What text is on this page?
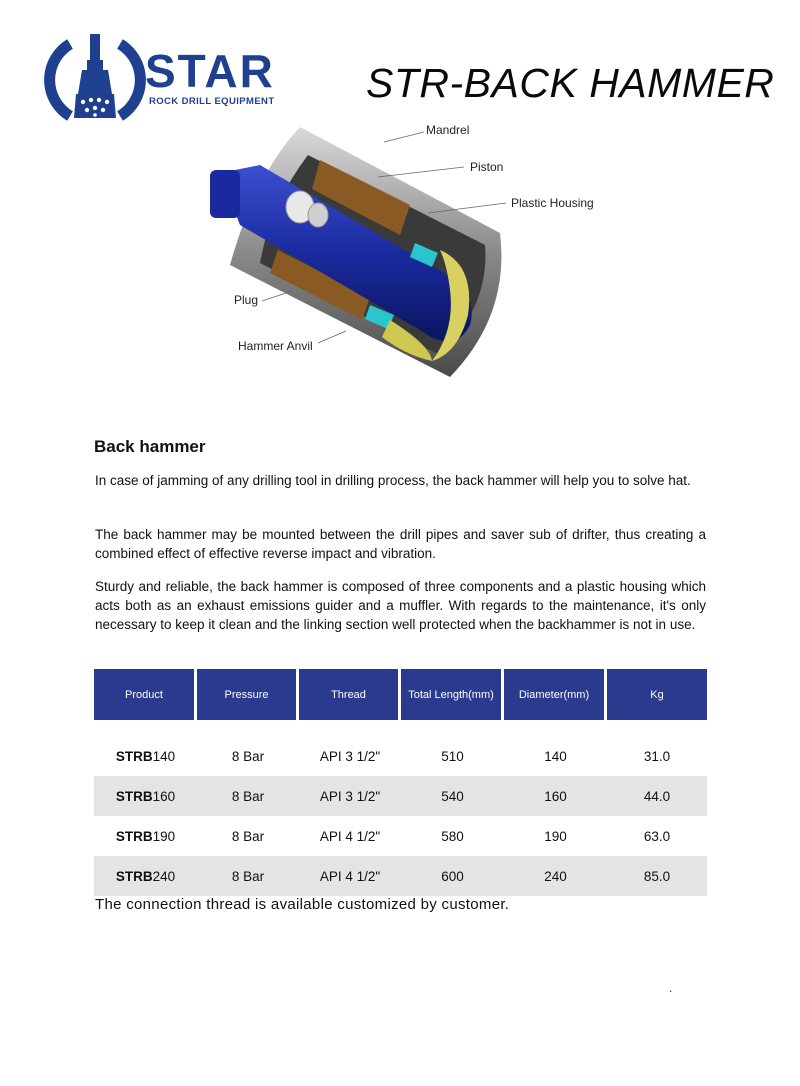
STAR
ROCK DRILL EQUIPMENT STR-BACK HAMMER
Mandrel
Piston
Plastic Housing
Plug
Hammer Anvil
Back hammer
In case of jamming of any drilling tool in drilling process, the back hammer will help you to solve hat.
The back hammer may be mounted between the drill pipes and saver sub of drifter, thus creating a combined effect of effective reverse impact and vibration.
Sturdy and reliable, the back hammer is composed of three components and a plastic housing which acts both as an exhaust emissions guider and a muffler. With regards to the maintenance, it's only necessary to keep it clean and the linking section well protected when the backhammer is not in use.
Product	Pressure	Thread	Total Length(mm)	Diameter(mm)	Kg
STRB140	8 Bar	API 3 1/2"	510	140	31.0
STRB160	8 Bar	API 3 1/2"	540	160	44.0
STRB190	8 Bar	API 4 1/2"	580	190	63.0
STRB240	8 Bar	API 4 1/2"	600	240	85.0
The connection thread is available customized by customer.
.
